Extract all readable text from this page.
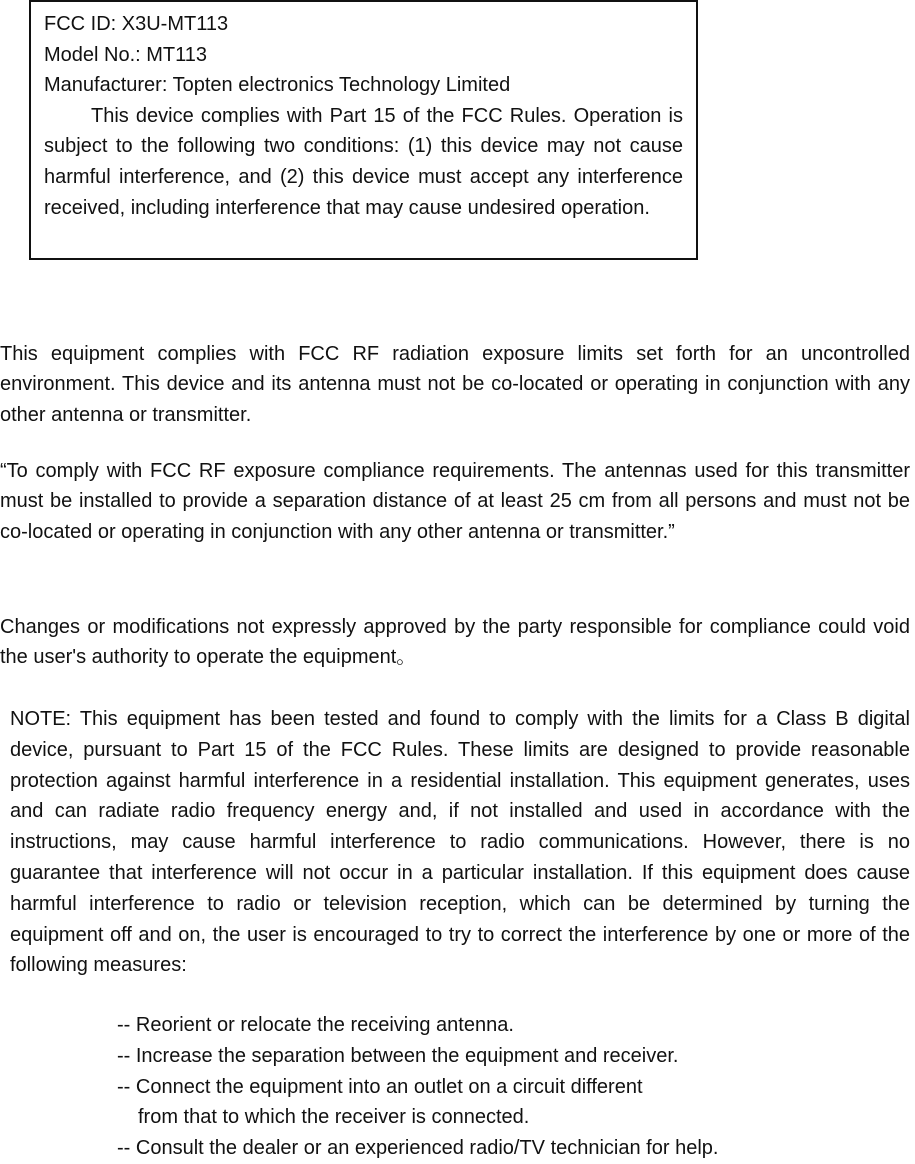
FCC ID: X3U-MT113
Model No.: MT113
Manufacturer: Topten electronics Technology Limited
This device complies with Part 15 of the FCC Rules. Operation is subject to the following two conditions: (1) this device may not cause harmful interference, and (2) this device must accept any interference received, including interference that may cause undesired operation.

This equipment complies with FCC RF radiation exposure limits set forth for an uncontrolled environment. This device and its antenna must not be co-located or operating in conjunction with any other antenna or transmitter.

“To comply with FCC RF exposure compliance requirements. The antennas used for this transmitter must be installed to provide a separation distance of at least 25 cm from all persons and must not be co-located or operating in conjunction with any other antenna or transmitter.”

Changes or modifications not expressly approved by the party responsible for compliance could void the user's authority to operate the equipment。

NOTE: This equipment has been tested and found to comply with the limits for a Class B digital device, pursuant to Part 15 of the FCC Rules. These limits are designed to provide reasonable protection against harmful interference in a residential installation. This equipment generates, uses and can radiate radio frequency energy and, if not installed and used in accordance with the instructions, may cause harmful interference to radio communications. However, there is no guarantee that interference will not occur in a particular installation. If this equipment does cause harmful interference to radio or television reception, which can be determined by turning the equipment off and on, the user is encouraged to try to correct the interference by one or more of the following measures:

-- Reorient or relocate the receiving antenna.
-- Increase the separation between the equipment and receiver.
-- Connect the equipment into an outlet on a circuit different
from that to which the receiver is connected.
-- Consult the dealer or an experienced radio/TV technician for help.
